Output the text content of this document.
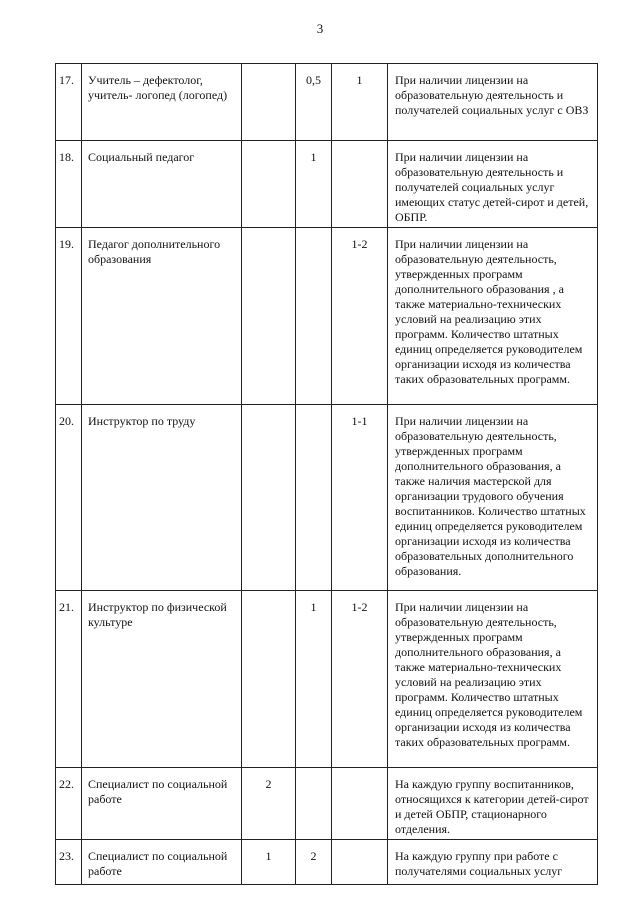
3
17.	Учитель – дефектолог, учитель- логопед (логопед)		0,5	1	При наличии лицензии на образовательную деятельность и получателей социальных услуг с ОВЗ
18.	Социальный педагог		1		При наличии лицензии на образовательную деятельность и получателей социальных услуг имеющих статус детей-сирот и детей, ОБПР.
19.	Педагог дополнительного образования			1-2	При наличии лицензии на образовательную деятельность, утвержденных программ дополнительного образования , а также материально-технических условий на реализацию этих программ. Количество штатных единиц определяется руководителем организации исходя из количества таких образовательных программ.
20.	Инструктор по труду			1-1	При наличии лицензии на образовательную деятельность, утвержденных программ дополнительного образования, а также наличия мастерской для организации трудового обучения воспитанников. Количество штатных единиц определяется руководителем организации исходя из количества образовательных дополнительного образования.
21.	Инструктор по физической культуре		1	1-2	При наличии лицензии на образовательную деятельность, утвержденных программ дополнительного образования, а также материально-технических условий на реализацию этих программ. Количество штатных единиц определяется руководителем организации исходя из количества таких образовательных программ.
22.	Специалист по социальной работе	2			На каждую группу воспитанников, относящихся к категории детей-сирот и детей ОБПР, стационарного отделения.
23.	Специалист по социальной работе	1	2		На каждую группу при работе с получателями социальных услуг
